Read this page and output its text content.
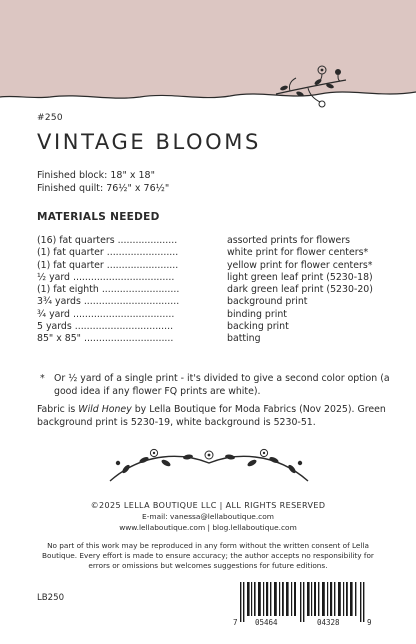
#250
VINTAGE BLOOMS
Finished block: 18" x 18"
Finished quilt: 76½" x 76½"
MATERIALS NEEDED
(16) fat quarters ....................	assorted prints for flowers
(1) fat quarter ........................	white print for flower centers*
(1) fat quarter ........................	yellow print for flower centers*
½ yard ..................................	light green leaf print (5230-18)
(1) fat eighth ..........................	dark green leaf print (5230-20)
3¾ yards ................................	background print
¾ yard ..................................	binding print
5 yards .................................	backing print
85" x 85" ..............................	batting
* Or ½ yard of a single print - it's divided to give a second color option (a good idea if any flower FQ prints are white).
Fabric is Wild Honey by Lella Boutique for Moda Fabrics (Nov 2025). Green background print is 5230-19, white background is 5230-51.
©2025 LELLA BOUTIQUE LLC | ALL RIGHTS RESERVED
E-mail: vanessa@lellaboutique.com
www.lellaboutique.com | blog.lellaboutique.com
No part of this work may be reproduced in any form without the written consent of Lella Boutique. Every effort is made to ensure accuracy; the author accepts no responsibility for errors or omissions but welcomes suggestions for future editions.
LB250
7 05464	04328	9
